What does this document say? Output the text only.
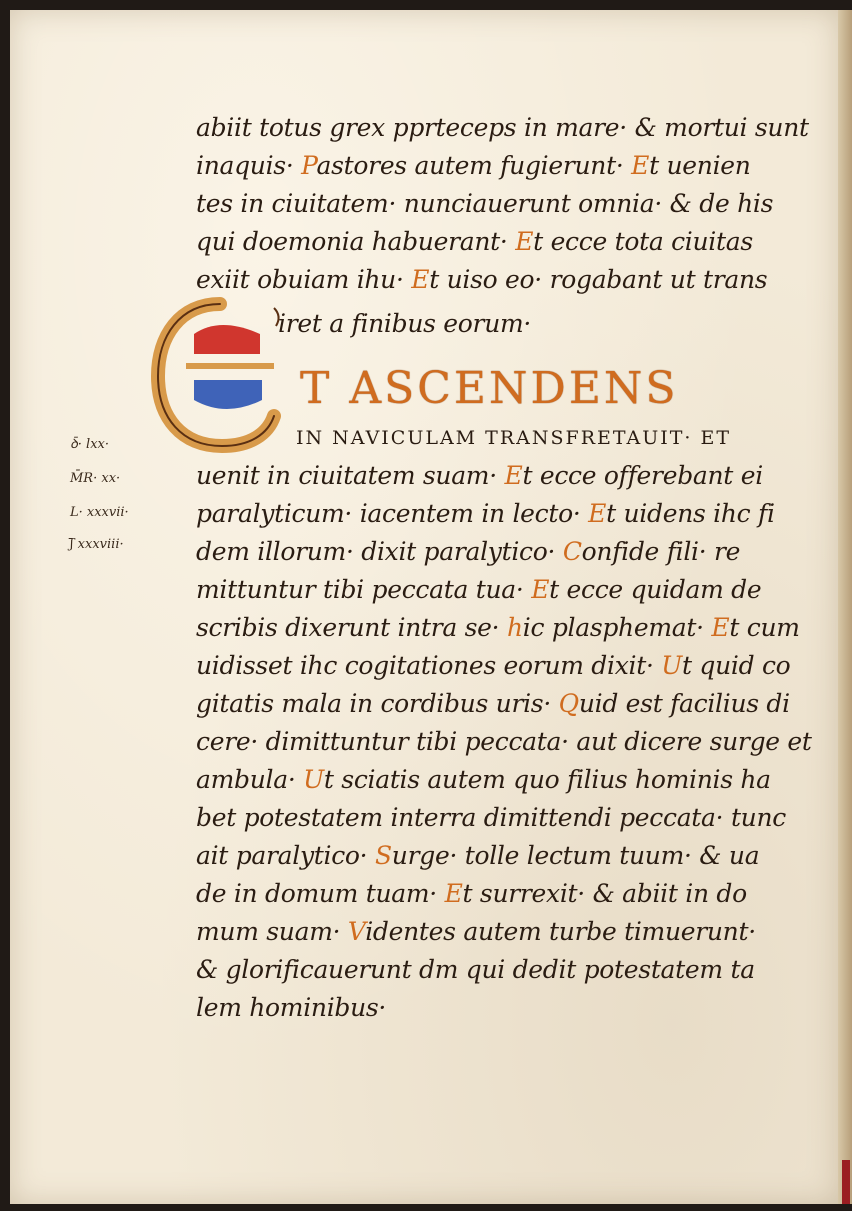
abiit totus grex pprteceps in mare· & mortui sunt
inaquis· Pastores autem fugierunt· Et uenien
tes in ciuitatem· nunciauerunt omnia· & de his
qui doemonia habuerant· Et ecce tota ciuitas
exiit obuiam ihu· Et uiso eo· rogabant ut trans
iret a finibus eorum·
T ASCENDENS
ꝺ̄· lxx·
M̄R· xx·
L· xxxvii·
ʃ̄ xxxviii·
IN NAVICULAM TRANSFRETAUIT· ET
uenit in ciuitatem suam· Et ecce offerebant ei
paralyticum· iacentem in lecto· Et uidens ihc fi
dem illorum· dixit paralytico· Confide fili· re
mittuntur tibi peccata tua· Et ecce quidam de
scribis dixerunt intra se· hic plasphemat· Et cum
uidisset ihc cogitationes eorum dixit· Ut quid co
gitatis mala in cordibus uris· Quid est facilius di
cere· dimittuntur tibi peccata· aut dicere surge et
ambula· Ut sciatis autem quo filius hominis ha
bet potestatem interra dimittendi peccata· tunc
ait paralytico· Surge· tolle lectum tuum· & ua
de in domum tuam· Et surrexit· & abiit in do
mum suam· Videntes autem turbe timuerunt·
& glorificauerunt dm qui dedit potestatem ta
lem hominibus·
